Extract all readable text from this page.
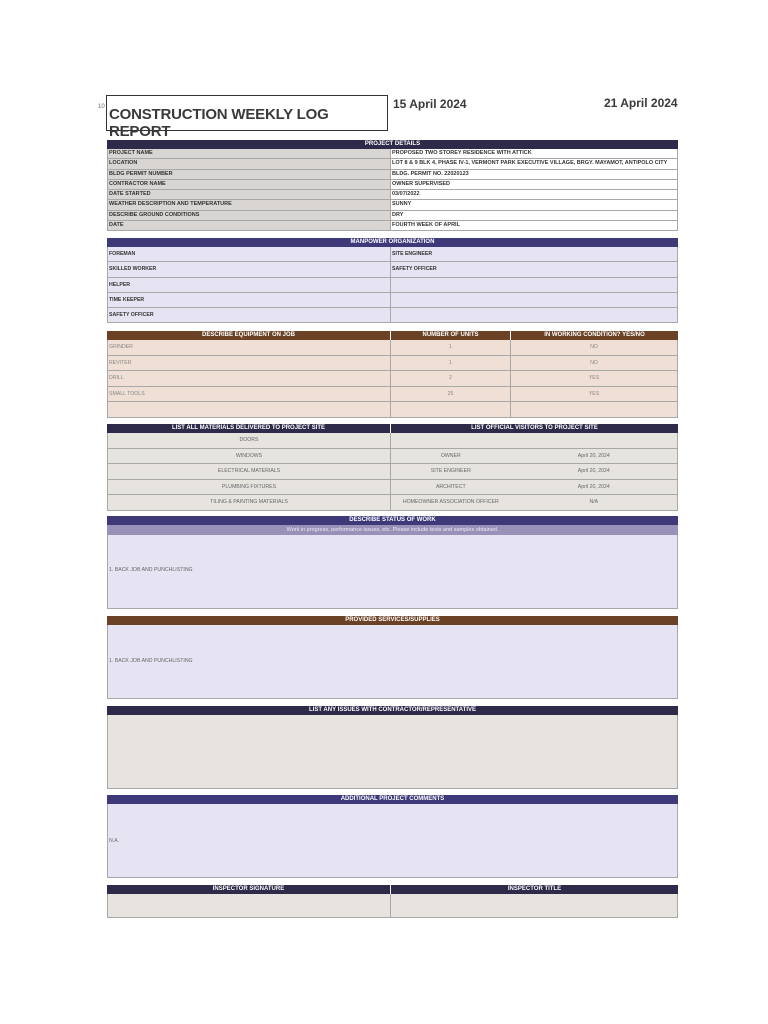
10 CONSTRUCTION WEEKLY LOG REPORT
15 April 2024	21 April 2024
PROJECT DETAILS
PROJECT NAME	PROPOSED TWO STOREY RESIDENCE WITH ATTICK
LOCATION	LOT 8 & 9 BLK 4, PHASE IV-1, VERMONT PARK EXECUTIVE VILLAGE, BRGY. MAYAMOT, ANTIPOLO CITY
BLDG PERMIT NUMBER	BLDG. PERMIT NO. 22020123
CONTRACTOR NAME	OWNER SUPERVISED
DATE STARTED	03/07/2022
WEATHER DESCRIPTION AND TEMPERATURE	SUNNY
DESCRIBE GROUND CONDITIONS	DRY
DATE	FOURTH WEEK OF APRIL
MANPOWER ORGANIZATION
FOREMAN	SITE ENGINEER
SKILLED WORKER	SAFETY OFFICER
HELPER
TIME KEEPER
SAFETY OFFICER
DESCRIBE EQUIPMENT ON JOB	NUMBER OF UNITS	IN WORKING CONDITION? YES/NO
GRINDER	1	NO
REVITER	1	NO
DRILL	2	YES
SMALL TOOLS	25	YES
LIST ALL MATERIALS DELIVERED TO PROJECT SITE	LIST OFFICIAL VISITORS TO PROJECT SITE
DOORS
WINDOWS	OWNER	April 20, 2024
ELECTRICAL MATERIALS	SITE ENGINEER	April 20, 2024
PLUMBING FIXTURES	ARCHITECT	April 20, 2024
TILING & PAINTING MATERIALS	HOMEOWNER ASSOCIATION OFFICER	N/A
DESCRIBE STATUS OF WORK
Work in progress, performance issues, etc. Please include tests and samples obtained.
1. BACK JOB AND PUNCHLISTING
PROVIDED SERVICES/SUPPLIES
1. BACK JOB AND PUNCHLISTING
LIST ANY ISSUES WITH CONTRACTOR/REPRESENTATIVE
ADDITIONAL PROJECT COMMENTS
N.A.
INSPECTOR SIGNATURE	INSPECTOR TITLE
